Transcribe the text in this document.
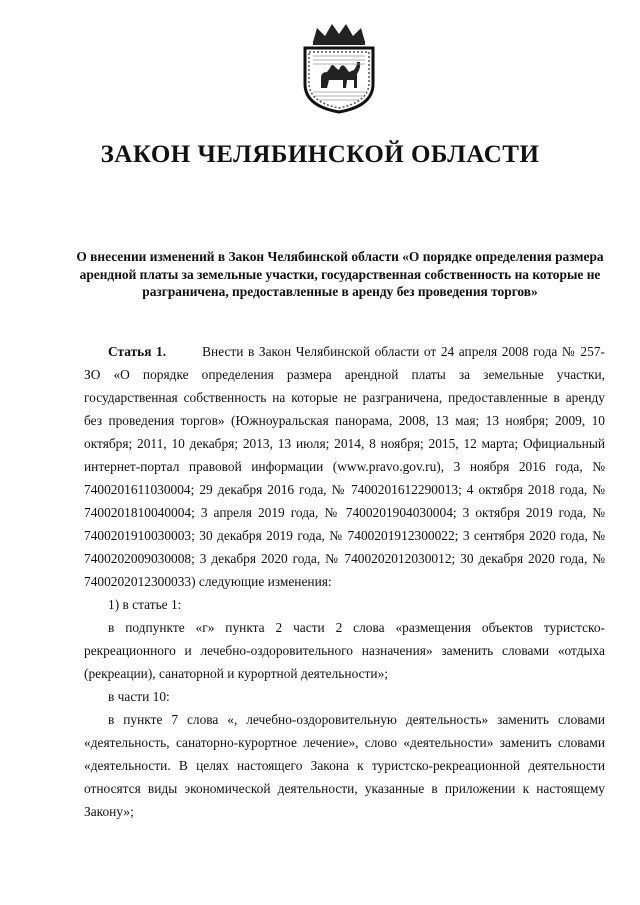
ЗАКОН ЧЕЛЯБИНСКОЙ ОБЛАСТИ
О внесении изменений в Закон Челябинской области «О порядке определения размера арендной платы за земельные участки, государственная собственность на которые не разграничена, предоставленные в аренду без проведения торгов»

Статья 1.	Внести в Закон Челябинской области от 24 апреля 2008 года № 257-ЗО «О порядке определения размера арендной платы за земельные участки, государственная собственность на которые не разграничена, предоставленные в аренду без проведения торгов» (Южноуральская панорама, 2008, 13 мая; 13 ноября; 2009, 10 октября; 2011, 10 декабря; 2013, 13 июля; 2014, 8 ноября; 2015, 12 марта; Официальный интернет-портал правовой информации (www.pravo.gov.ru), 3 ноября 2016 года, № 7400201611030004; 29 декабря 2016 года, № 7400201612290013; 4 октября 2018 года, № 7400201810040004; 3 апреля 2019 года, № 7400201904030004; 3 октября 2019 года, № 7400201910030003; 30 декабря 2019 года, № 7400201912300022; 3 сентября 2020 года, № 7400202009030008; 3 декабря 2020 года, № 7400202012030012; 30 декабря 2020 года, № 7400202012300033) следующие изменения:

1) в статье 1:

в подпункте «г» пункта 2 части 2 слова «размещения объектов туристско-рекреационного и лечебно-оздоровительного назначения» заменить словами «отдыха (рекреации), санаторной и курортной деятельности»;

в части 10:

в пункте 7 слова «, лечебно-оздоровительную деятельность» заменить словами «деятельность, санаторно-курортное лечение», слово «деятельности» заменить словами «деятельности. В целях настоящего Закона к туристско-рекреационной деятельности относятся виды экономической деятельности, указанные в приложении к настоящему Закону»;
